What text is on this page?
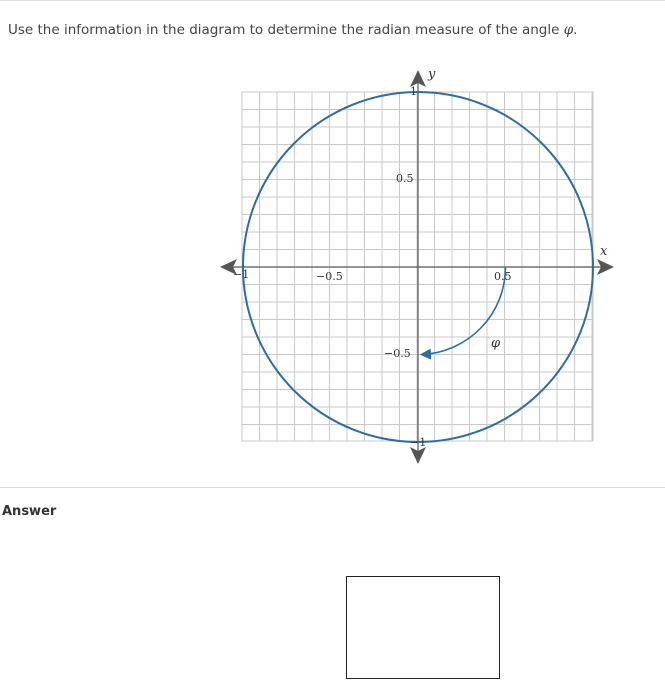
Use the information in the diagram to determine the radian measure of the angle φ.
−0.5	0.5
0.5
−0.5
−1
1
−1
x
y
φ
Answer
